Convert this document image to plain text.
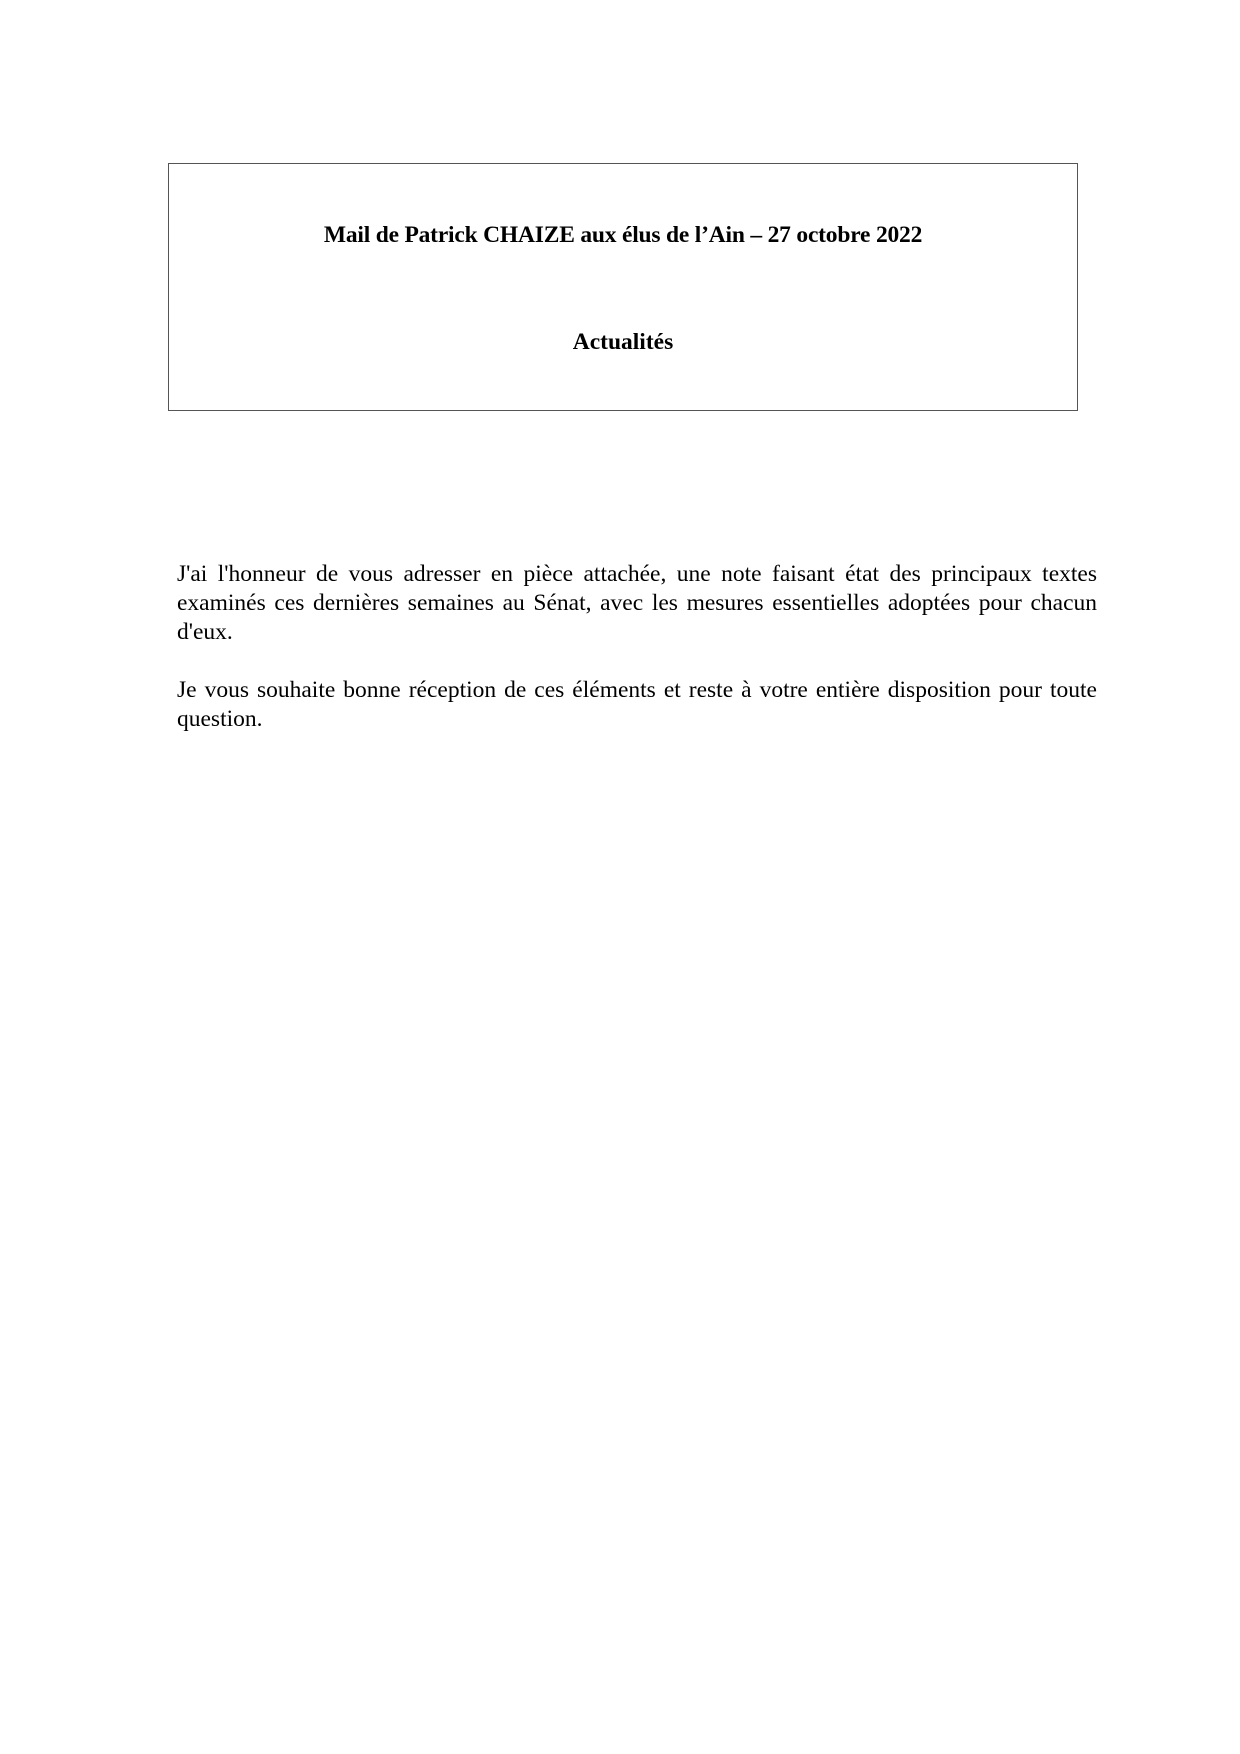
Mail de Patrick CHAIZE aux élus de l’Ain – 27 octobre 2022
Actualités

J'ai l'honneur de vous adresser en pièce attachée, une note faisant état des principaux textes examinés ces dernières semaines au Sénat, avec les mesures essentielles adoptées pour chacun d'eux.

Je vous souhaite bonne réception de ces éléments et reste à votre entière disposition pour toute question.
